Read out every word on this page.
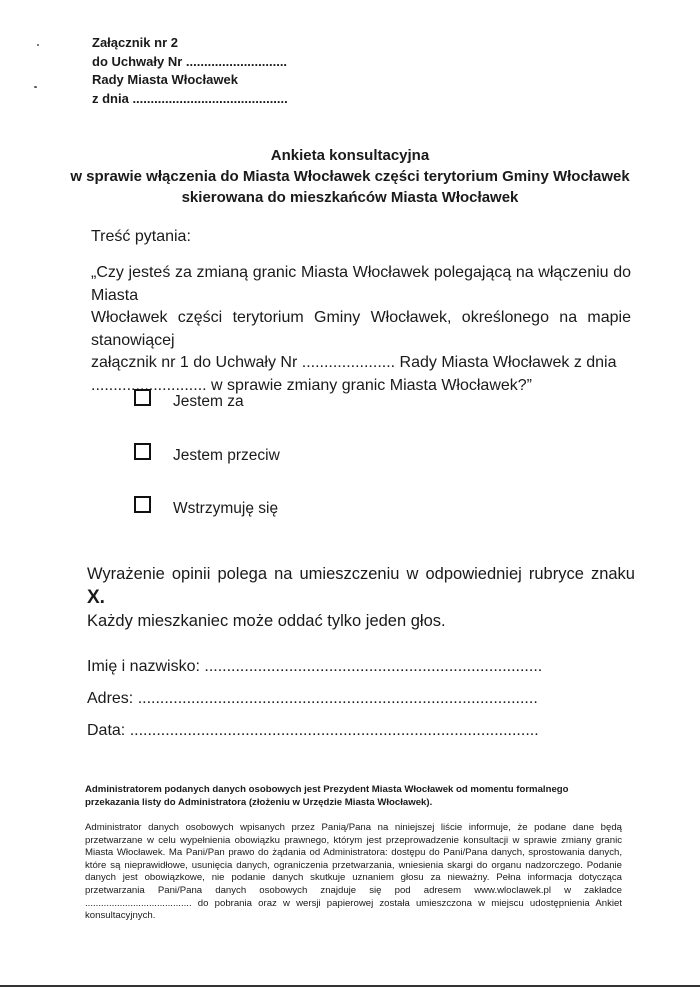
Załącznik nr 2
do Uchwały Nr ............................
Rady Miasta Włocławek
z dnia ...........................................
Ankieta konsultacyjna
w sprawie włączenia do Miasta Włocławek części terytorium Gminy Włocławek
skierowana do mieszkańców Miasta Włocławek
Treść pytania:
„Czy jesteś za zmianą granic Miasta Włocławek polegającą na włączeniu do Miasta
Włocławek części terytorium Gminy Włocławek, określonego na mapie stanowiącej
załącznik nr 1 do Uchwały Nr ..................... Rady Miasta Włocławek z dnia
.......................... w sprawie zmiany granic Miasta Włocławek?”
Jestem za
Jestem przeciw
Wstrzymuję się
Wyrażenie opinii polega na umieszczeniu w odpowiedniej rubryce znaku X.
Każdy mieszkaniec może oddać tylko jeden głos.
Imię i nazwisko: ............................................................................
Adres: ..........................................................................................
Data: ............................................................................................
Administratorem podanych danych osobowych jest Prezydent Miasta Włocławek od momentu formalnego
przekazania listy do Administratora (złożeniu w Urzędzie Miasta Włocławek).
Administrator danych osobowych wpisanych przez Panią/Pana na niniejszej liście informuje, że podane dane będą przetwarzane w celu wypełnienia obowiązku prawnego, którym jest przeprowadzenie konsultacji w sprawie zmiany granic Miasta Włocławek. Ma Pani/Pan prawo do żądania od Administratora: dostępu do Pani/Pana danych, sprostowania danych, które są nieprawidłowe, usunięcia danych, ograniczenia przetwarzania, wniesienia skargi do organu nadzorczego. Podanie danych jest obowiązkowe, nie podanie danych skutkuje uznaniem głosu za nieważny. Pełna informacja dotycząca przetwarzania Pani/Pana danych osobowych znajduje się pod adresem www.wloclawek.pl w zakładce ........................................ do pobrania oraz w wersji papierowej została umieszczona w miejscu udostępnienia Ankiet konsultacyjnych.
